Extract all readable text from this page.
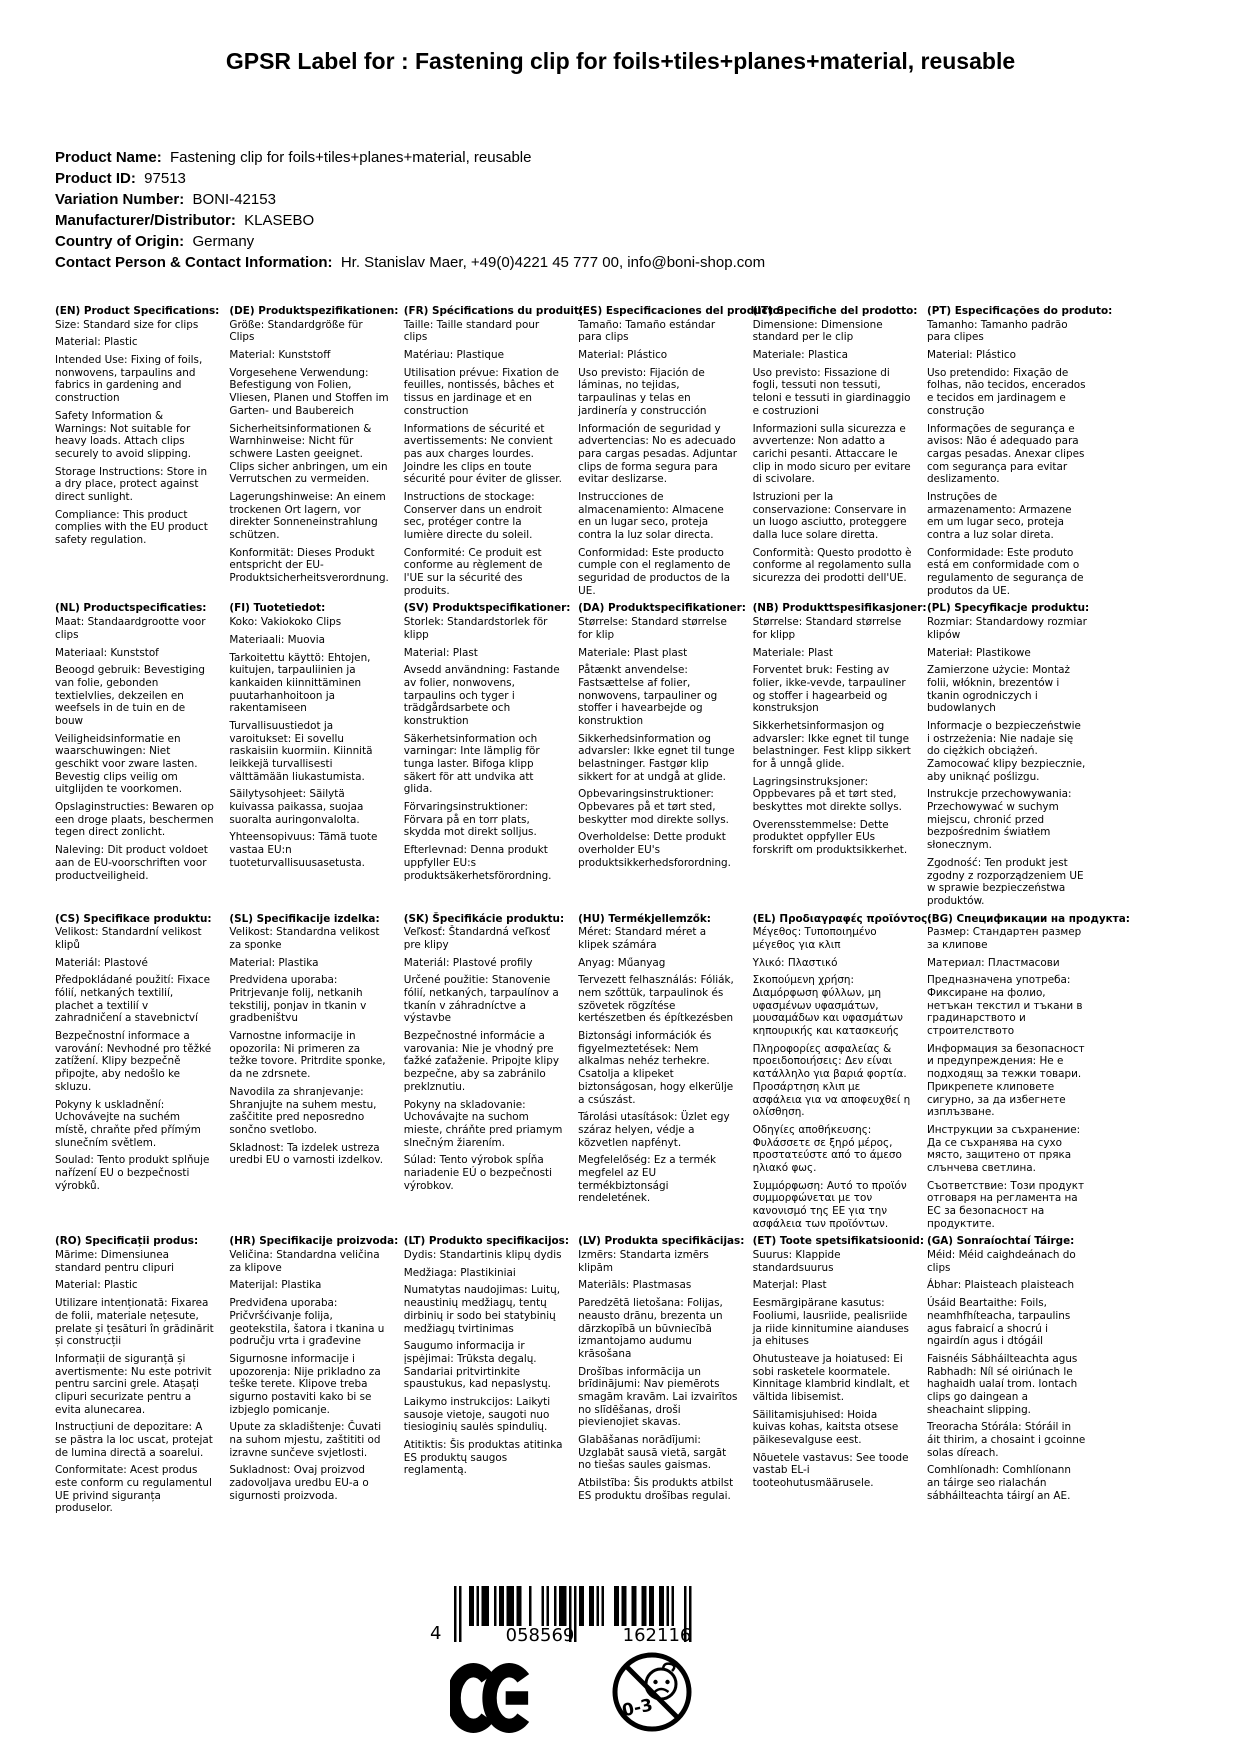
GPSR Label for : Fastening clip for foils+tiles+planes+material, reusable
Product Name:  Fastening clip for foils+tiles+planes+material, reusable
Product ID:  97513
Variation Number:  BONI-42153
Manufacturer/Distributor:  KLASEBO
Country of Origin:  Germany
Contact Person & Contact Information:  Hr. Stanislav Maer, +49(0)4221 45 777 00, info@boni-shop.com
(EN) Product Specifications:

Size: Standard size for clips

Material: Plastic

Intended Use: Fixing of foils, nonwovens, tarpaulins and fabrics in gardening and construction

Safety Information & Warnings: Not suitable for heavy loads. Attach clips securely to avoid slipping.

Storage Instructions: Store in a dry place, protect against direct sunlight.

Compliance: This product complies with the EU product safety regulation.

(DE) Produktspezifikationen:

Größe: Standardgröße für Clips

Material: Kunststoff

Vorgesehene Verwendung: Befestigung von Folien, Vliesen, Planen und Stoffen im Garten- und Baubereich

Sicherheitsinformationen & Warnhinweise: Nicht für schwere Lasten geeignet. Clips sicher anbringen, um ein Verrutschen zu vermeiden.

Lagerungshinweise: An einem trockenen Ort lagern, vor direkter Sonneneinstrahlung schützen.

Konformität: Dieses Produkt entspricht der EU-Produktsicherheitsverordnung.

(FR) Spécifications du produit:

Taille: Taille standard pour clips

Matériau: Plastique

Utilisation prévue: Fixation de feuilles, nontissés, bâches et tissus en jardinage et en construction

Informations de sécurité et avertissements: Ne convient pas aux charges lourdes. Joindre les clips en toute sécurité pour éviter de glisser.

Instructions de stockage: Conserver dans un endroit sec, protéger contre la lumière directe du soleil.

Conformité: Ce produit est conforme au règlement de l'UE sur la sécurité des produits.

(ES) Especificaciones del producto:

Tamaño: Tamaño estándar para clips

Material: Plástico

Uso previsto: Fijación de láminas, no tejidas, tarpaulinas y telas en jardinería y construcción

Información de seguridad y advertencias: No es adecuado para cargas pesadas. Adjuntar clips de forma segura para evitar deslizarse.

Instrucciones de almacenamiento: Almacene en un lugar seco, proteja contra la luz solar directa.

Conformidad: Este producto cumple con el reglamento de seguridad de productos de la UE.

(IT) Specifiche del prodotto:

Dimensione: Dimensione standard per le clip

Materiale: Plastica

Uso previsto: Fissazione di fogli, tessuti non tessuti, teloni e tessuti in giardinaggio e costruzioni

Informazioni sulla sicurezza e avvertenze: Non adatto a carichi pesanti. Attaccare le clip in modo sicuro per evitare di scivolare.

Istruzioni per la conservazione: Conservare in un luogo asciutto, proteggere dalla luce solare diretta.

Conformità: Questo prodotto è conforme al regolamento sulla sicurezza dei prodotti dell'UE.

(PT) Especificações do produto:

Tamanho: Tamanho padrão para clipes

Material: Plástico

Uso pretendido: Fixação de folhas, não tecidos, encerados e tecidos em jardinagem e construção

Informações de segurança e avisos: Não é adequado para cargas pesadas. Anexar clipes com segurança para evitar deslizamento.

Instruções de armazenamento: Armazene em um lugar seco, proteja contra a luz solar direta.

Conformidade: Este produto está em conformidade com o regulamento de segurança de produtos da UE.

(NL) Productspecificaties:

Maat: Standaardgrootte voor clips

Materiaal: Kunststof

Beoogd gebruik: Bevestiging van folie, gebonden textielvlies, dekzeilen en weefsels in de tuin en de bouw

Veiligheidsinformatie en waarschuwingen: Niet geschikt voor zware lasten. Bevestig clips veilig om uitglijden te voorkomen.

Opslaginstructies: Bewaren op een droge plaats, beschermen tegen direct zonlicht.

Naleving: Dit product voldoet aan de EU-voorschriften voor productveiligheid.

(FI) Tuotetiedot:

Koko: Vakiokoko Clips

Materiaali: Muovia

Tarkoitettu käyttö: Ehtojen, kuitujen, tarpauliinien ja kankaiden kiinnittäminen puutarhanhoitoon ja rakentamiseen

Turvallisuustiedot ja varoitukset: Ei sovellu raskaisiin kuormiin. Kiinnitä leikkejä turvallisesti välttämään liukastumista.

Säilytysohjeet: Säilytä kuivassa paikassa, suojaa suoralta auringonvalolta.

Yhteensopivuus: Tämä tuote vastaa EU:n tuoteturvallisuusasetusta.

(SV) Produktspecifikationer:

Storlek: Standardstorlek för klipp

Material: Plast

Avsedd användning: Fastande av folier, nonwovens, tarpaulins och tyger i trädgårdsarbete och konstruktion

Säkerhetsinformation och varningar: Inte lämplig för tunga laster. Bifoga klipp säkert för att undvika att glida.

Förvaringsinstruktioner: Förvara på en torr plats, skydda mot direkt solljus.

Efterlevnad: Denna produkt uppfyller EU:s produktsäkerhetsförordning.

(DA) Produktspecifikationer:

Størrelse: Standard størrelse for klip

Materiale: Plast plast

Påtænkt anvendelse: Fastsættelse af folier, nonwovens, tarpauliner og stoffer i havearbejde og konstruktion

Sikkerhedsinformation og advarsler: Ikke egnet til tunge belastninger. Fastgør klip sikkert for at undgå at glide.

Opbevaringsinstruktioner: Opbevares på et tørt sted, beskytter mod direkte sollys.

Overholdelse: Dette produkt overholder EU's produktsikkerhedsforordning.

(NB) Produkttspesifikasjoner:

Størrelse: Standard størrelse for klipp

Materiale: Plast

Forventet bruk: Festing av folier, ikke-vevde, tarpauliner og stoffer i hagearbeid og konstruksjon

Sikkerhetsinformasjon og advarsler: Ikke egnet til tunge belastninger. Fest klipp sikkert for å unngå glide.

Lagringsinstruksjoner: Oppbevares på et tørt sted, beskyttes mot direkte sollys.

Overensstemmelse: Dette produktet oppfyller EUs forskrift om produktsikkerhet.

(PL) Specyfikacje produktu:

Rozmiar: Standardowy rozmiar klipów

Materiał: Plastikowe

Zamierzone użycie: Montaż folii, włóknin, brezentów i tkanin ogrodniczych i budowlanych

Informacje o bezpieczeństwie i ostrzeżenia: Nie nadaje się do ciężkich obciążeń. Zamocować klipy bezpiecznie, aby uniknąć poślizgu.

Instrukcje przechowywania: Przechowywać w suchym miejscu, chronić przed bezpośrednim światłem słonecznym.

Zgodność: Ten produkt jest zgodny z rozporządzeniem UE w sprawie bezpieczeństwa produktów.

(CS) Specifikace produktu:

Velikost: Standardní velikost klipů

Materiál: Plastové

Předpokládané použití: Fixace fólií, netkaných textilií, plachet a textilií v zahradničení a stavebnictví

Bezpečnostní informace a varování: Nevhodné pro těžké zatížení. Klipy bezpečně připojte, aby nedošlo ke skluzu.

Pokyny k uskladnění: Uchovávejte na suchém místě, chraňte před přímým slunečním světlem.

Soulad: Tento produkt splňuje nařízení EU o bezpečnosti výrobků.

(SL) Specifikacije izdelka:

Velikost: Standardna velikost za sponke

Material: Plastika

Predvidena uporaba: Pritrjevanje folij, netkanih tekstilij, ponjav in tkanin v gradbeništvu

Varnostne informacije in opozorila: Ni primeren za težke tovore. Pritrdite sponke, da ne zdrsnete.

Navodila za shranjevanje: Shranjujte na suhem mestu, zaščitite pred neposredno sončno svetlobo.

Skladnost: Ta izdelek ustreza uredbi EU o varnosti izdelkov.

(SK) Špecifikácie produktu:

Veľkosť: Štandardná veľkosť pre klipy

Materiál: Plastové profily

Určené použitie: Stanovenie fólií, netkaných, tarpaulínov a tkanín v záhradníctve a výstavbe

Bezpečnostné informácie a varovania: Nie je vhodný pre ťažké zaťaženie. Pripojte klipy bezpečne, aby sa zabránilo preklznutiu.

Pokyny na skladovanie: Uchovávajte na suchom mieste, chráňte pred priamym slnečným žiarením.

Súlad: Tento výrobok spĺňa nariadenie EÚ o bezpečnosti výrobkov.

(HU) Termékjellemzők:

Méret: Standard méret a klipek számára

Anyag: Műanyag

Tervezett felhasználás: Fóliák, nem szőttük, tarpaulinok és szövetek rögzítése kertészetben és építkezésben

Biztonsági információk és figyelmeztetések: Nem alkalmas nehéz terhekre. Csatolja a klipeket biztonságosan, hogy elkerülje a csúszást.

Tárolási utasítások: Üzlet egy száraz helyen, védje a közvetlen napfényt.

Megfelelőség: Ez a termék megfelel az EU termékbiztonsági rendeletének.

(EL) Προδιαγραφές προϊόντος:

Μέγεθος: Τυποποιημένο μέγεθος για κλιπ

Υλικό: Πλαστικό

Σκοπούμενη χρήση: Διαμόρφωση φύλλων, μη υφασμένων υφασμάτων, μουσαμάδων και υφασμάτων κηπουρικής και κατασκευής

Πληροφορίες ασφαλείας & προειδοποιήσεις: Δεν είναι κατάλληλο για βαριά φορτία. Προσάρτηση κλιπ με ασφάλεια για να αποφευχθεί η ολίσθηση.

Οδηγίες αποθήκευσης: Φυλάσσετε σε ξηρό μέρος, προστατεύστε από το άμεσο ηλιακό φως.

Συμμόρφωση: Αυτό το προϊόν συμμορφώνεται με τον κανονισμό της ΕΕ για την ασφάλεια των προϊόντων.

(BG) Спецификации на продукта:

Размер: Стандартен размер за клипове

Материал: Пластмасови

Предназначена употреба: Фиксиране на фолио, нетъкан текстил и тъкани в градинарството и строителството

Информация за безопасност и предупреждения: Не е подходящ за тежки товари. Прикрепете клиповете сигурно, за да избегнете изплъзване.

Инструкции за съхранение: Да се съхранява на сухо място, защитено от пряка слънчева светлина.

Съответствие: Този продукт отговаря на регламента на ЕС за безопасност на продуктите.

(RO) Specificații produs:

Mărime: Dimensiunea standard pentru clipuri

Material: Plastic

Utilizare intenționată: Fixarea de folii, materiale nețesute, prelate și țesături în grădinărit și construcții

Informații de siguranță și avertismente: Nu este potrivit pentru sarcini grele. Atașați clipuri securizate pentru a evita alunecarea.

Instrucțiuni de depozitare: A se păstra la loc uscat, protejat de lumina directă a soarelui.

Conformitate: Acest produs este conform cu regulamentul UE privind siguranța produselor.

(HR) Specifikacije proizvoda:

Veličina: Standardna veličina za klipove

Materijal: Plastika

Predviđena uporaba: Pričvršćivanje folija, geotekstila, šatora i tkanina u području vrta i građevine

Sigurnosne informacije i upozorenja: Nije prikladno za teške terete. Klipove treba sigurno postaviti kako bi se izbjeglo pomicanje.

Upute za skladištenje: Čuvati na suhom mjestu, zaštititi od izravne sunčeve svjetlosti.

Sukladnost: Ovaj proizvod zadovoljava uredbu EU-a o sigurnosti proizvoda.

(LT) Produkto specifikacijos:

Dydis: Standartinis klipų dydis

Medžiaga: Plastikiniai

Numatytas naudojimas: Luitų, neaustinių medžiagų, tentų dirbinių ir sodo bei statybinių medžiagų tvirtinimas

Saugumo informacija ir įspėjimai: Trūksta degalų. Sandariai pritvirtinkite spaustukus, kad nepaslystų.

Laikymo instrukcijos: Laikyti sausoje vietoje, saugoti nuo tiesioginių saulės spindulių.

Atitiktis: Šis produktas atitinka ES produktų saugos reglamentą.

(LV) Produkta specifikācijas:

Izmērs: Standarta izmērs klipām

Materiāls: Plastmasas

Paredzētā lietošana: Folijas, neausto drānu, brezenta un dārzkopībā un būvniecībā izmantojamo audumu krāsošana

Drošības informācija un brīdinājumi: Nav piemērots smagām kravām. Lai izvairītos no slīdēšanas, droši pievienojiet skavas.

Glabāšanas norādījumi: Uzglabāt sausā vietā, sargāt no tiešas saules gaismas.

Atbilstība: Šis produkts atbilst ES produktu drošības regulai.

(ET) Toote spetsifikatsioonid:

Suurus: Klappide standardsuurus

Materjal: Plast

Eesmärgipärane kasutus: Fooliumi, lausriide, pealisriide ja riide kinnitumine aianduses ja ehituses

Ohutusteave ja hoiatused: Ei sobi rasketele koormatele. Kinnitage klambrid kindlalt, et vältida libisemist.

Säilitamisjuhised: Hoida kuivas kohas, kaitsta otsese päikesevalguse eest.

Nõuetele vastavus: See toode vastab EL-i tooteohutusmäärusele.

(GA) Sonraíochtaí Táirge:

Méid: Méid caighdeánach do clips

Ábhar: Plaisteach plaisteach

Úsáid Beartaithe: Foils, neamhfhíteacha, tarpaulins agus fabraicí a shocrú i ngairdín agus i dtógáil

Faisnéis Sábháilteachta agus Rabhadh: Níl sé oiriúnach le haghaidh ualaí trom. Iontach clips go daingean a sheachaint slipping.

Treoracha Stórála: Stóráil in áit thirim, a chosaint i gcoinne solas díreach.

Comhlíonadh: Comhlíonann an táirge seo rialachán sábháilteachta táirgí an AE.

4	058569	162116
0-3
